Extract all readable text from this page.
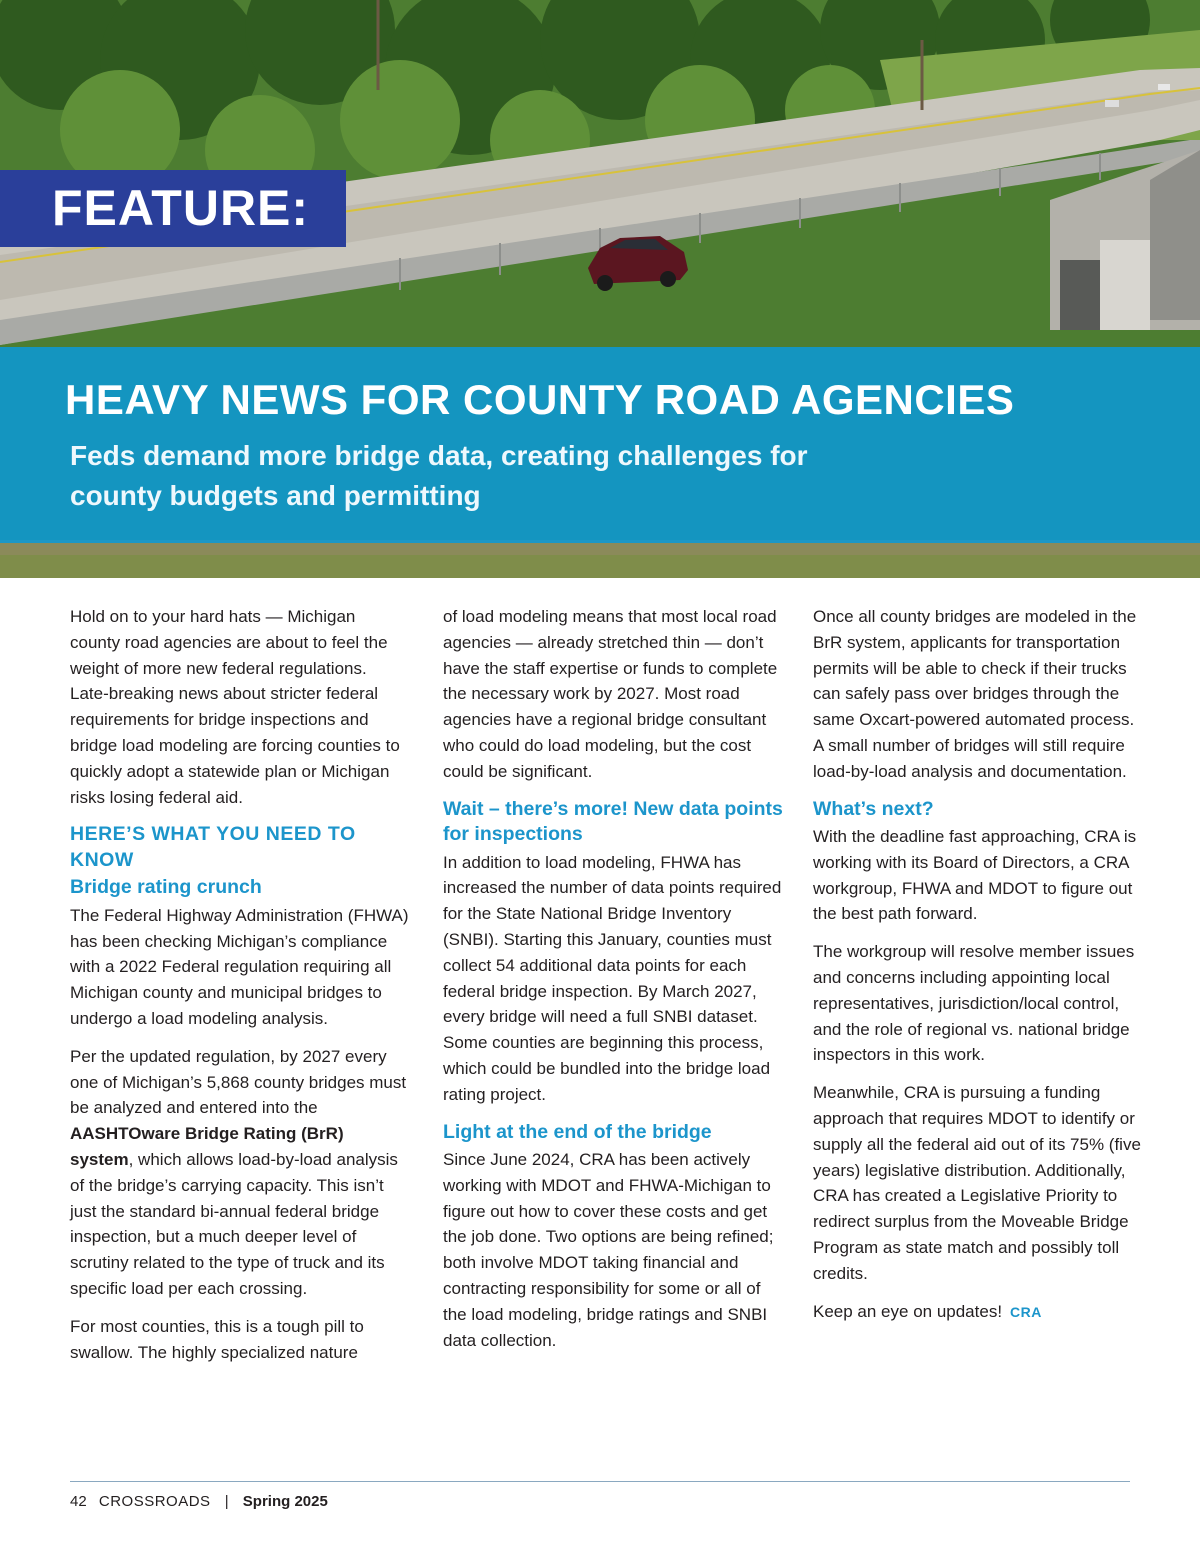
FEATURE:
HEAVY NEWS FOR COUNTY ROAD AGENCIES
Feds demand more bridge data, creating challenges for county budgets and permitting

Hold on to your hard hats — Michigan county road agencies are about to feel the weight of more new federal regulations. Late-breaking news about stricter federal requirements for bridge inspections and bridge load modeling are forcing counties to quickly adopt a statewide plan or Michigan risks losing federal aid.

HERE’S WHAT YOU NEED TO KNOW
Bridge rating crunch

The Federal Highway Administration (FHWA) has been checking Michigan’s compliance with a 2022 Federal regulation requiring all Michigan county and municipal bridges to undergo a load modeling analysis.

Per the updated regulation, by 2027 every one of Michigan’s 5,868 county bridges must be analyzed and entered into the AASHTOware Bridge Rating (BrR) system, which allows load-by-load analysis of the bridge’s carrying capacity. This isn’t just the standard bi-annual federal bridge inspection, but a much deeper level of scrutiny related to the type of truck and its specific load per each crossing.

For most counties, this is a tough pill to swallow. The highly specialized nature

of load modeling means that most local road agencies — already stretched thin — don’t have the staff expertise or funds to complete the necessary work by 2027. Most road agencies have a regional bridge consultant who could do load modeling, but the cost could be significant.

Wait – there’s more! New data points for inspections

In addition to load modeling, FHWA has increased the number of data points required for the State National Bridge Inventory (SNBI). Starting this January, counties must collect 54 additional data points for each federal bridge inspection. By March 2027, every bridge will need a full SNBI dataset. Some counties are beginning this process, which could be bundled into the bridge load rating project.

Light at the end of the bridge

Since June 2024, CRA has been actively working with MDOT and FHWA-Michigan to figure out how to cover these costs and get the job done. Two options are being refined; both involve MDOT taking financial and contracting responsibility for some or all of the load modeling, bridge ratings and SNBI data collection.

Once all county bridges are modeled in the BrR system, applicants for transportation permits will be able to check if their trucks can safely pass over bridges through the same Oxcart-powered automated process. A small number of bridges will still require load-by-load analysis and documentation.

What’s next?

With the deadline fast approaching, CRA is working with its Board of Directors, a CRA workgroup, FHWA and MDOT to figure out the best path forward.

The workgroup will resolve member issues and concerns including appointing local representatives, jurisdiction/local control, and the role of regional vs. national bridge inspectors in this work.

Meanwhile, CRA is pursuing a funding approach that requires MDOT to identify or supply all the federal aid out of its 75% (five years) legislative distribution. Additionally, CRA has created a Legislative Priority to redirect surplus from the Moveable Bridge Program as state match and possibly toll credits.

Keep an eye on updates! CRA

42 CROSSROADS | Spring 2025
